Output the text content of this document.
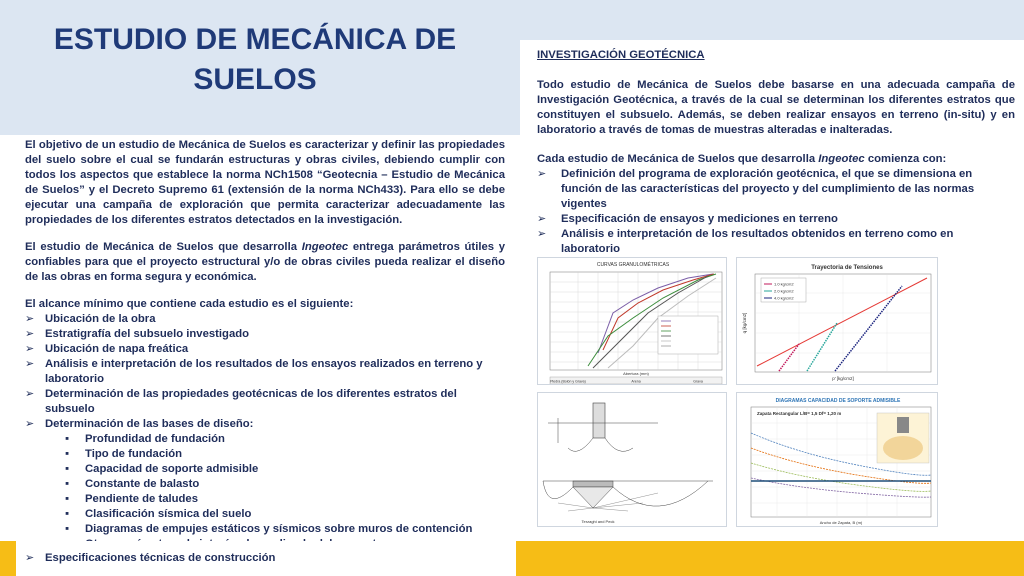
ESTUDIO DE MECÁNICA DE SUELOS

El objetivo de un estudio de Mecánica de Suelos es caracterizar y definir las propiedades del suelo sobre el cual se fundarán estructuras y obras civiles, debiendo cumplir con todos los aspectos que establece la norma NCh1508 “Geotecnia – Estudio de Mecánica de Suelos” y el Decreto Supremo 61 (extensión de la norma NCh433). Para ello se debe ejecutar una campaña de exploración que permita caracterizar adecuadamente las propiedades de los diferentes estratos detectados en la investigación.

El estudio de Mecánica de Suelos que desarrolla Ingeotec entrega parámetros útiles y confiables para que el proyecto estructural y/o de obras civiles pueda realizar el diseño de las obras en forma segura y económica.

El alcance mínimo que contiene cada estudio es el siguiente:

➢ Ubicación de la obra
➢ Estratigrafía del subsuelo investigado
➢ Ubicación de napa freática
➢ Análisis e interpretación de los resultados de los ensayos realizados en terreno y laboratorio
➢ Determinación de las propiedades geotécnicas de los diferentes estratos del subsuelo
➢ Determinación de las bases de diseño:
▪ Profundidad de fundación
▪ Tipo de fundación
▪ Capacidad de soporte admisible
▪ Constante de balasto
▪ Pendiente de taludes
▪ Clasificación sísmica del suelo
▪ Diagramas de empujes estáticos y sísmicos sobre muros de contención
▪
INVESTIGACIÓN GEOTÉCNICA

Todo estudio de Mecánica de Suelos debe basarse en una adecuada campaña de Investigación Geotécnica, a través de la cual se determinan los diferentes estratos que constituyen el subsuelo. Además, se deben realizar ensayos en terreno (in-situ) y en laboratorio a través de tomas de muestras alteradas e inalteradas.

Cada estudio de Mecánica de Suelos que desarrolla Ingeotec comienza con:

➢ Definición del programa de exploración geotécnica, el que se dimensiona en función de las características del proyecto y del cumplimiento de las normas vigentes
➢ Especificación de ensayos y mediciones en terreno
➢ Análisis e interpretación de los resultados obtenidos en terreno como en laboratorio
CURVAS GRANULOMÉTRICAS
Abertura (mm)
Piedra (Bolón y Grava)	Arena	Grava
Trayectoria de Tensiones
1.0 kg/cm2
2.0 kg/cm2
4.0 kg/cm2
p' [kg/cm2]
q [kg/cm2]
Terzaghi and Peck
DIAGRAMAS CAPACIDAD DE SOPORTE ADMISIBLE
Zapata Rectangular L/B= 1,5 Df= 1,20 m
Ancho de Zapata, B (m)
➢ Especificaciones técnicas de construcción
